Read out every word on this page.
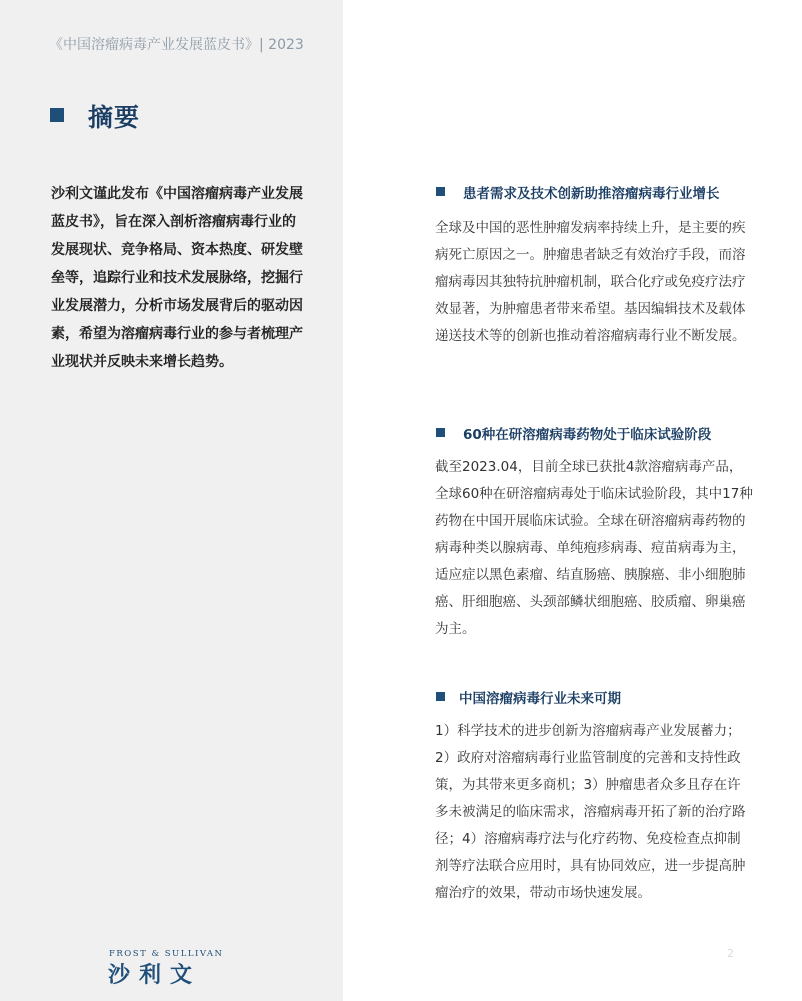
《中国溶瘤病毒产业发展蓝皮书》| 2023
摘要
沙利文谨此发布《中国溶瘤病毒产业发展蓝皮书》，旨在深入剖析溶瘤病毒行业的发展现状、竞争格局、资本热度、研发壁垒等，追踪行业和技术发展脉络，挖掘行业发展潜力，分析市场发展背后的驱动因素，希望为溶瘤病毒行业的参与者梳理产业现状并反映未来增长趋势。
患者需求及技术创新助推溶瘤病毒行业增长
全球及中国的恶性肿瘤发病率持续上升，是主要的疾病死亡原因之一。肿瘤患者缺乏有效治疗手段，而溶瘤病毒因其独特抗肿瘤机制，联合化疗或免疫疗法疗效显著，为肿瘤患者带来希望。基因编辑技术及载体递送技术等的创新也推动着溶瘤病毒行业不断发展。
60种在研溶瘤病毒药物处于临床试验阶段
截至2023.04，目前全球已获批4款溶瘤病毒产品，全球60种在研溶瘤病毒处于临床试验阶段，其中17种药物在中国开展临床试验。全球在研溶瘤病毒药物的病毒种类以腺病毒、单纯疱疹病毒、痘苗病毒为主，适应症以黑色素瘤、结直肠癌、胰腺癌、非小细胞肺癌、肝细胞癌、头颈部鳞状细胞癌、胶质瘤、卵巢癌为主。
中国溶瘤病毒行业未来可期
1）科学技术的进步创新为溶瘤病毒产业发展蓄力；2）政府对溶瘤病毒行业监管制度的完善和支持性政策，为其带来更多商机；3）肿瘤患者众多且存在许多未被满足的临床需求，溶瘤病毒开拓了新的治疗路径；4）溶瘤病毒疗法与化疗药物、免疫检查点抑制剂等疗法联合应用时，具有协同效应，进一步提高肿瘤治疗的效果，带动市场快速发展。
FROST & SULLIVAN
沙利文
2
